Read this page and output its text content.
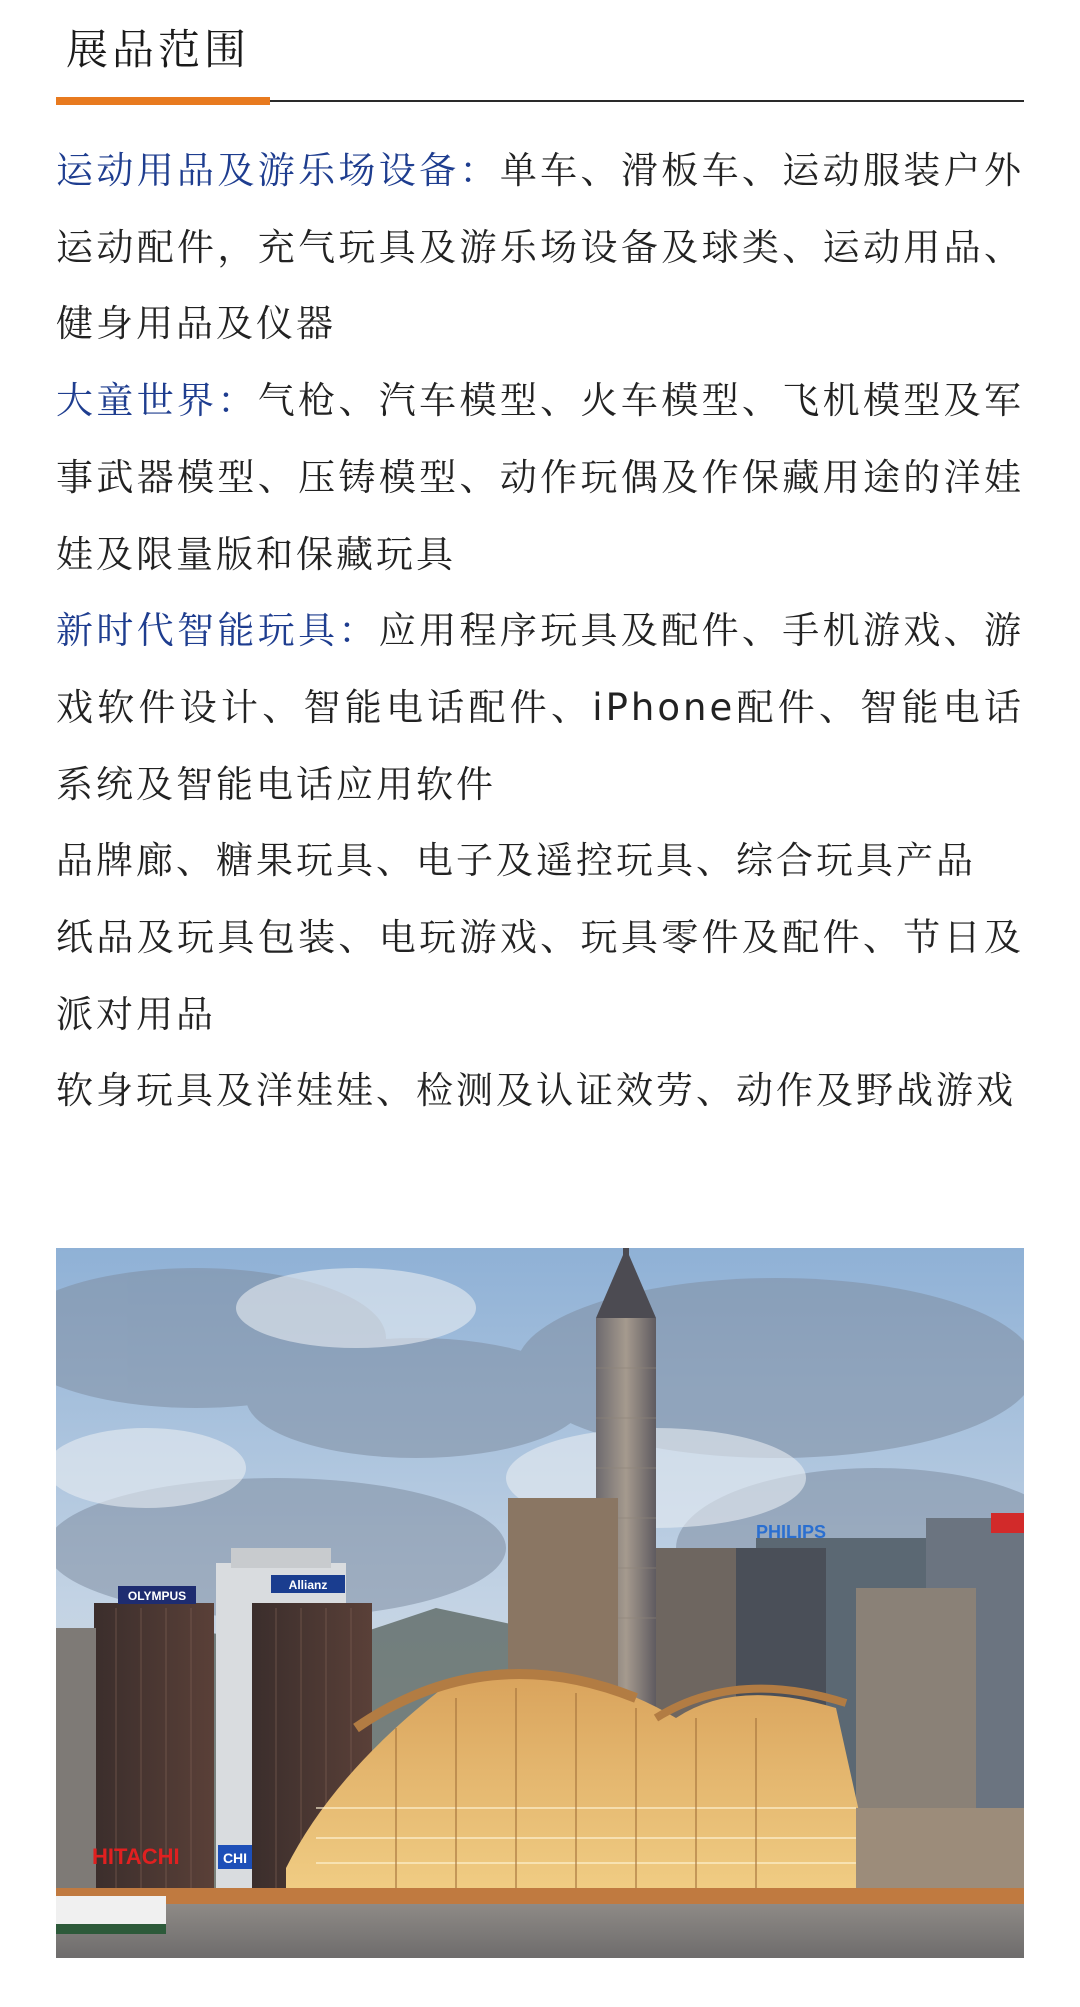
展品范围

运动用品及游乐场设备：单车、滑板车、运动服装户外运动配件，充气玩具及游乐场设备及球类、运动用品、健身用品及仪器

大童世界：气枪、汽车模型、火车模型、飞机模型及军事武器模型、压铸模型、动作玩偶及作保藏用途的洋娃娃及限量版和保藏玩具

新时代智能玩具：应用程序玩具及配件、手机游戏、游戏软件设计、智能电话配件、iPhone配件、智能电话系统及智能电话应用软件

品牌廊、糖果玩具、电子及遥控玩具、综合玩具产品

纸品及玩具包装、电玩游戏、玩具零件及配件、节日及派对用品

软身玩具及洋娃娃、检测及认证效劳、动作及野战游戏

OLYMPUS
Allianz
PHILIPS
HITACHI	CHI
